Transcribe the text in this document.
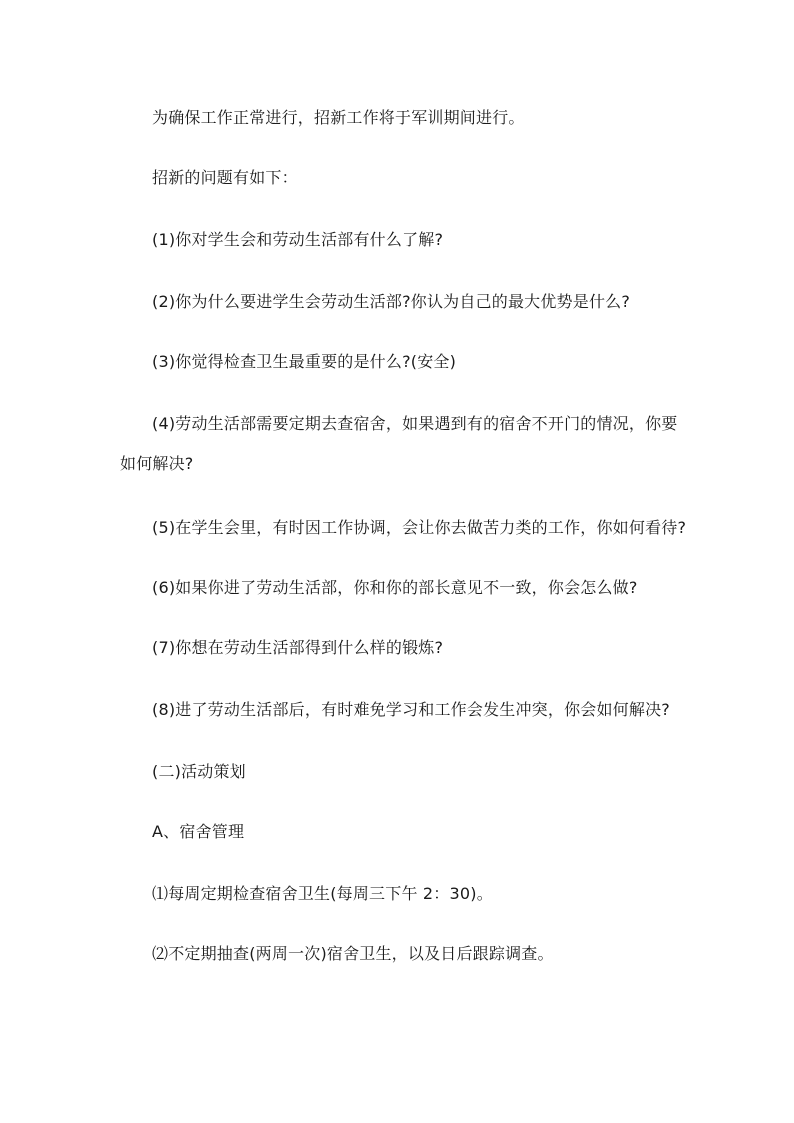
为确保工作正常进行，招新工作将于军训期间进行。

招新的问题有如下：

(1)你对学生会和劳动生活部有什么了解?

(2)你为什么要进学生会劳动生活部?你认为自己的最大优势是什么?

(3)你觉得检查卫生最重要的是什么?(安全)

(4)劳动生活部需要定期去查宿舍，如果遇到有的宿舍不开门的情况，你要如何解决?

(5)在学生会里，有时因工作协调，会让你去做苦力类的工作，你如何看待?

(6)如果你进了劳动生活部，你和你的部长意见不一致，你会怎么做?

(7)你想在劳动生活部得到什么样的锻炼?

(8)进了劳动生活部后，有时难免学习和工作会发生冲突，你会如何解决?

(二)活动策划

A、宿舍管理

⑴每周定期检查宿舍卫生(每周三下午 2：30)。

⑵不定期抽查(两周一次)宿舍卫生，以及日后跟踪调查。
